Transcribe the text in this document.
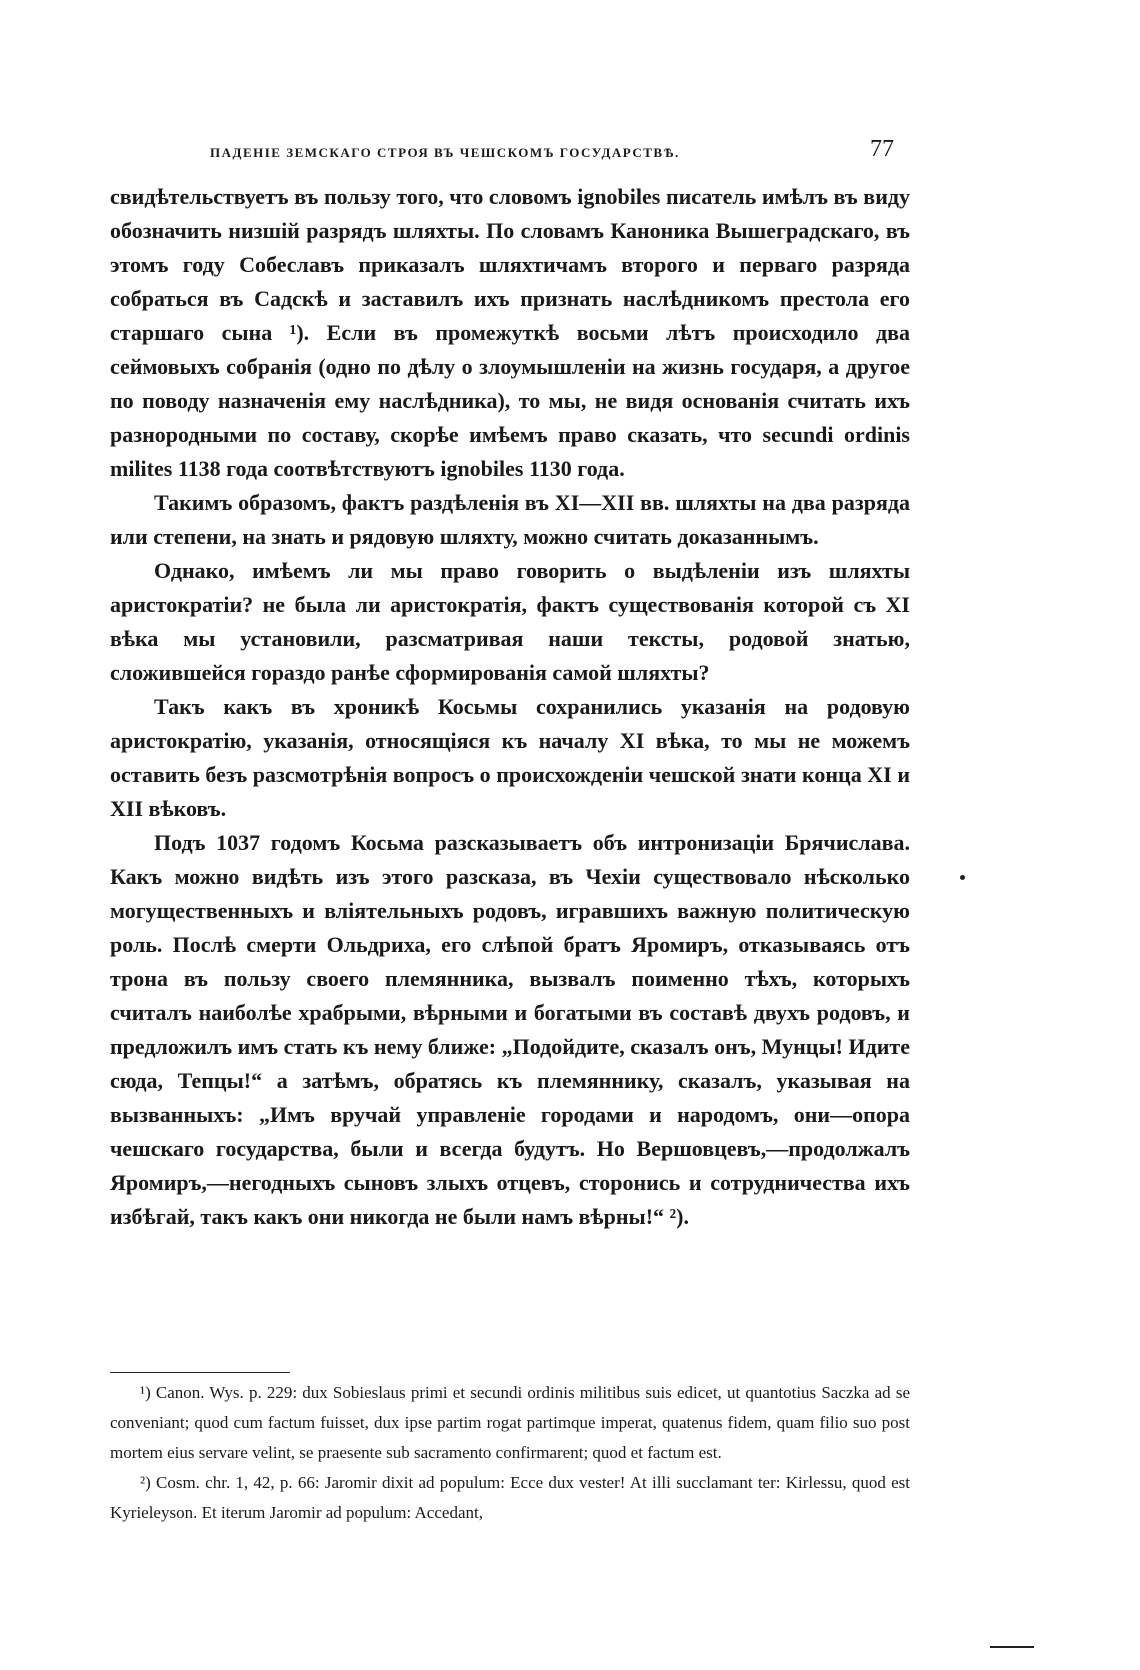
ПАДЕНІЕ ЗЕМСКАГО СТРОЯ ВЪ ЧЕШСКОМЪ ГОСУДАРСТВѢ.	77

свидѣтельствуетъ въ пользу того, что словомъ ignobiles писатель имѣлъ въ виду обозначить низшій разрядъ шляхты. По словамъ Каноника Вышеградскаго, въ этомъ году Собеславъ приказалъ шляхтичамъ второго и перваго разряда собраться въ Садскѣ и заставилъ ихъ признать наслѣдникомъ престола его старшаго сына ¹). Если въ промежуткѣ восьми лѣтъ происходило два сеймовыхъ собранія (одно по дѣлу о злоумышленіи на жизнь государя, а другое по поводу назначенія ему наслѣдника), то мы, не видя основанія считать ихъ разнородными по составу, скорѣе имѣемъ право сказать, что secundi ordinis milites 1138 года соотвѣтствуютъ ignobiles 1130 года.

Такимъ образомъ, фактъ раздѣленія въ XI—XII вв. шляхты на два разряда или степени, на знать и рядовую шляхту, можно считать доказаннымъ.

Однако, имѣемъ ли мы право говорить о выдѣленіи изъ шляхты аристократіи? не была ли аристократія, фактъ существованія которой съ XI вѣка мы установили, разсматривая наши тексты, родовой знатью, сложившейся гораздо ранѣе сформированія самой шляхты?

Такъ какъ въ хроникѣ Косьмы сохранились указанія на родовую аристократію, указанія, относящіяся къ началу XI вѣка, то мы не можемъ оставить безъ разсмотрѣнія вопросъ о происхожденіи чешской знати конца XI и XII вѣковъ.

Подъ 1037 годомъ Косьма разсказываетъ объ интронизаціи Брячислава. Какъ можно видѣть изъ этого разсказа, въ Чехіи существовало нѣсколько могущественныхъ и вліятельныхъ родовъ, игравшихъ важную политическую роль. Послѣ смерти Ольдриха, его слѣпой братъ Яромиръ, отказываясь отъ трона въ пользу своего племянника, вызвалъ поименно тѣхъ, которыхъ считалъ наиболѣе храбрыми, вѣрными и богатыми въ составѣ двухъ родовъ, и предложилъ имъ стать къ нему ближе: „Подойдите, сказалъ онъ, Мунцы! Идите сюда, Тепцы!“ а затѣмъ, обратясь къ племяннику, сказалъ, указывая на вызванныхъ: „Имъ вручай управленіе городами и народомъ, они—опора чешскаго государства, были и всегда будутъ. Но Вершовцевъ,—продолжалъ Яромиръ,—негодныхъ сыновъ злыхъ отцевъ, сторонись и сотрудничества ихъ избѣгай, такъ какъ они никогда не были намъ вѣрны!“ ²).

¹) Canon. Wys. p. 229: dux Sobieslaus primi et secundi ordinis militibus suis edicet, ut quantotius Saczka ad se conveniant; quod cum factum fuisset, dux ipse partim rogat partimque imperat, quatenus fidem, quam filio suo post mortem eius servare velint, se praesente sub sacramento confirmarent; quod et factum est.

²) Cosm. chr. 1, 42, p. 66: Jaromir dixit ad populum: Ecce dux vester! At illi succlamant ter: Kirlessu, quod est Kyrieleyson. Et iterum Jaromir ad populum: Accedant,
